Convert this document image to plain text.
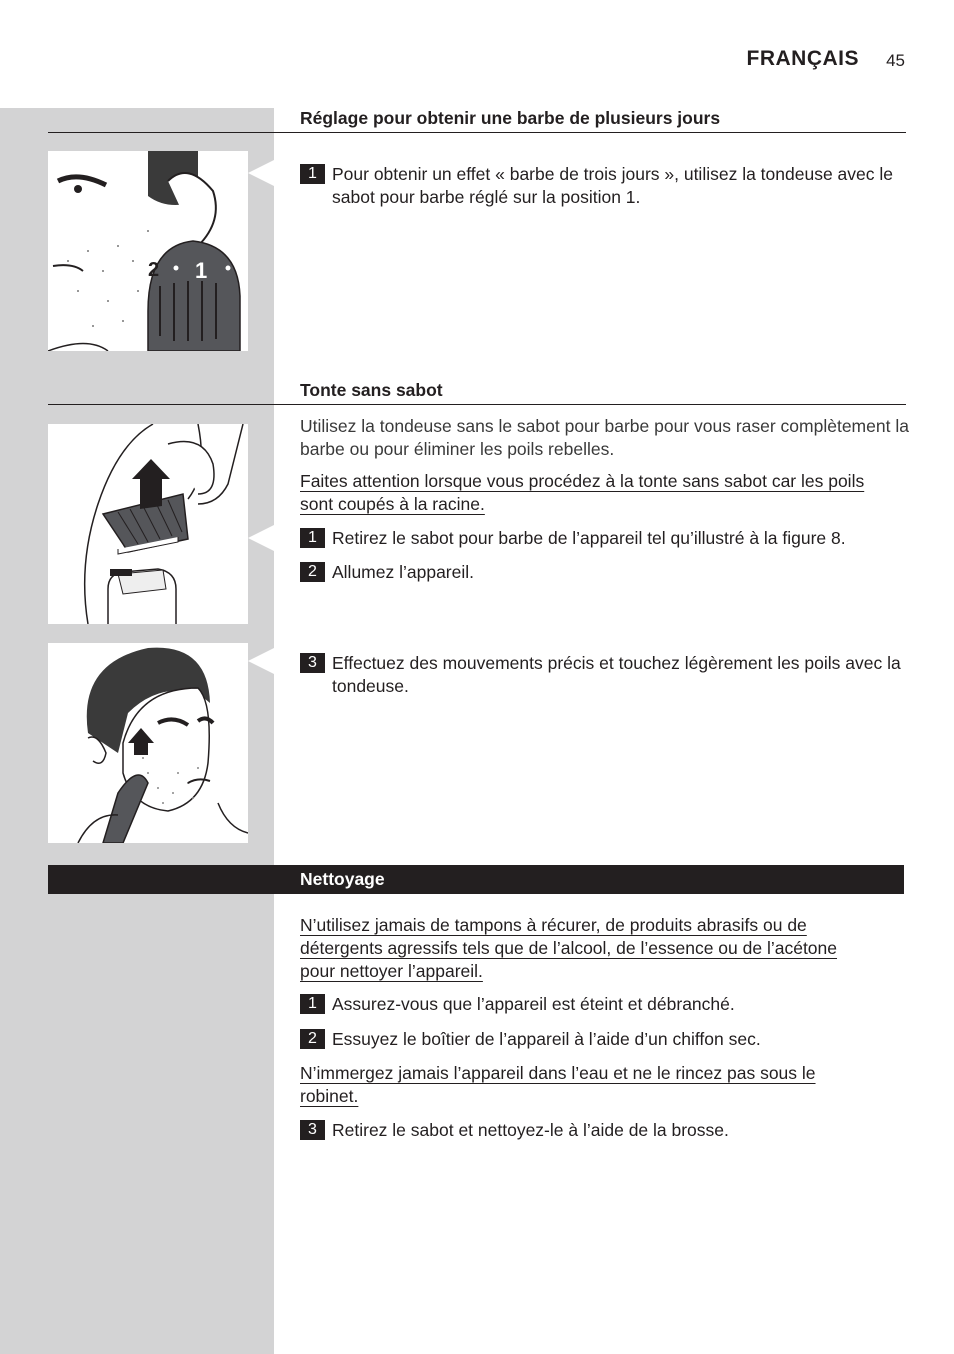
FRANÇAIS 45
Réglage pour obtenir une barbe de plusieurs jours
2 1
1 Pour obtenir un effet « barbe de trois jours », utilisez la tondeuse avec le sabot pour barbe réglé sur la position 1.
Tonte sans sabot
Utilisez la tondeuse sans le sabot pour barbe pour vous raser complètement la barbe ou pour éliminer les poils rebelles.
Faites attention lorsque vous procédez à la tonte sans sabot car les poils
sont coupés à la racine.
1 Retirez le sabot pour barbe de l’appareil tel qu’illustré à la figure 8.
2 Allumez l’appareil.
3 Effectuez des mouvements précis et touchez légèrement les poils avec la tondeuse.
Nettoyage
N’utilisez jamais de tampons à récurer, de produits abrasifs ou de
détergents agressifs tels que de l’alcool, de l’essence ou de l’acétone
pour nettoyer l’appareil.
1 Assurez-vous que l’appareil est éteint et débranché.
2 Essuyez le boîtier de l’appareil à l’aide d’un chiffon sec.
N’immergez jamais l’appareil dans l’eau et ne le rincez pas sous le
robinet.
3 Retirez le sabot et nettoyez-le à l’aide de la brosse.
